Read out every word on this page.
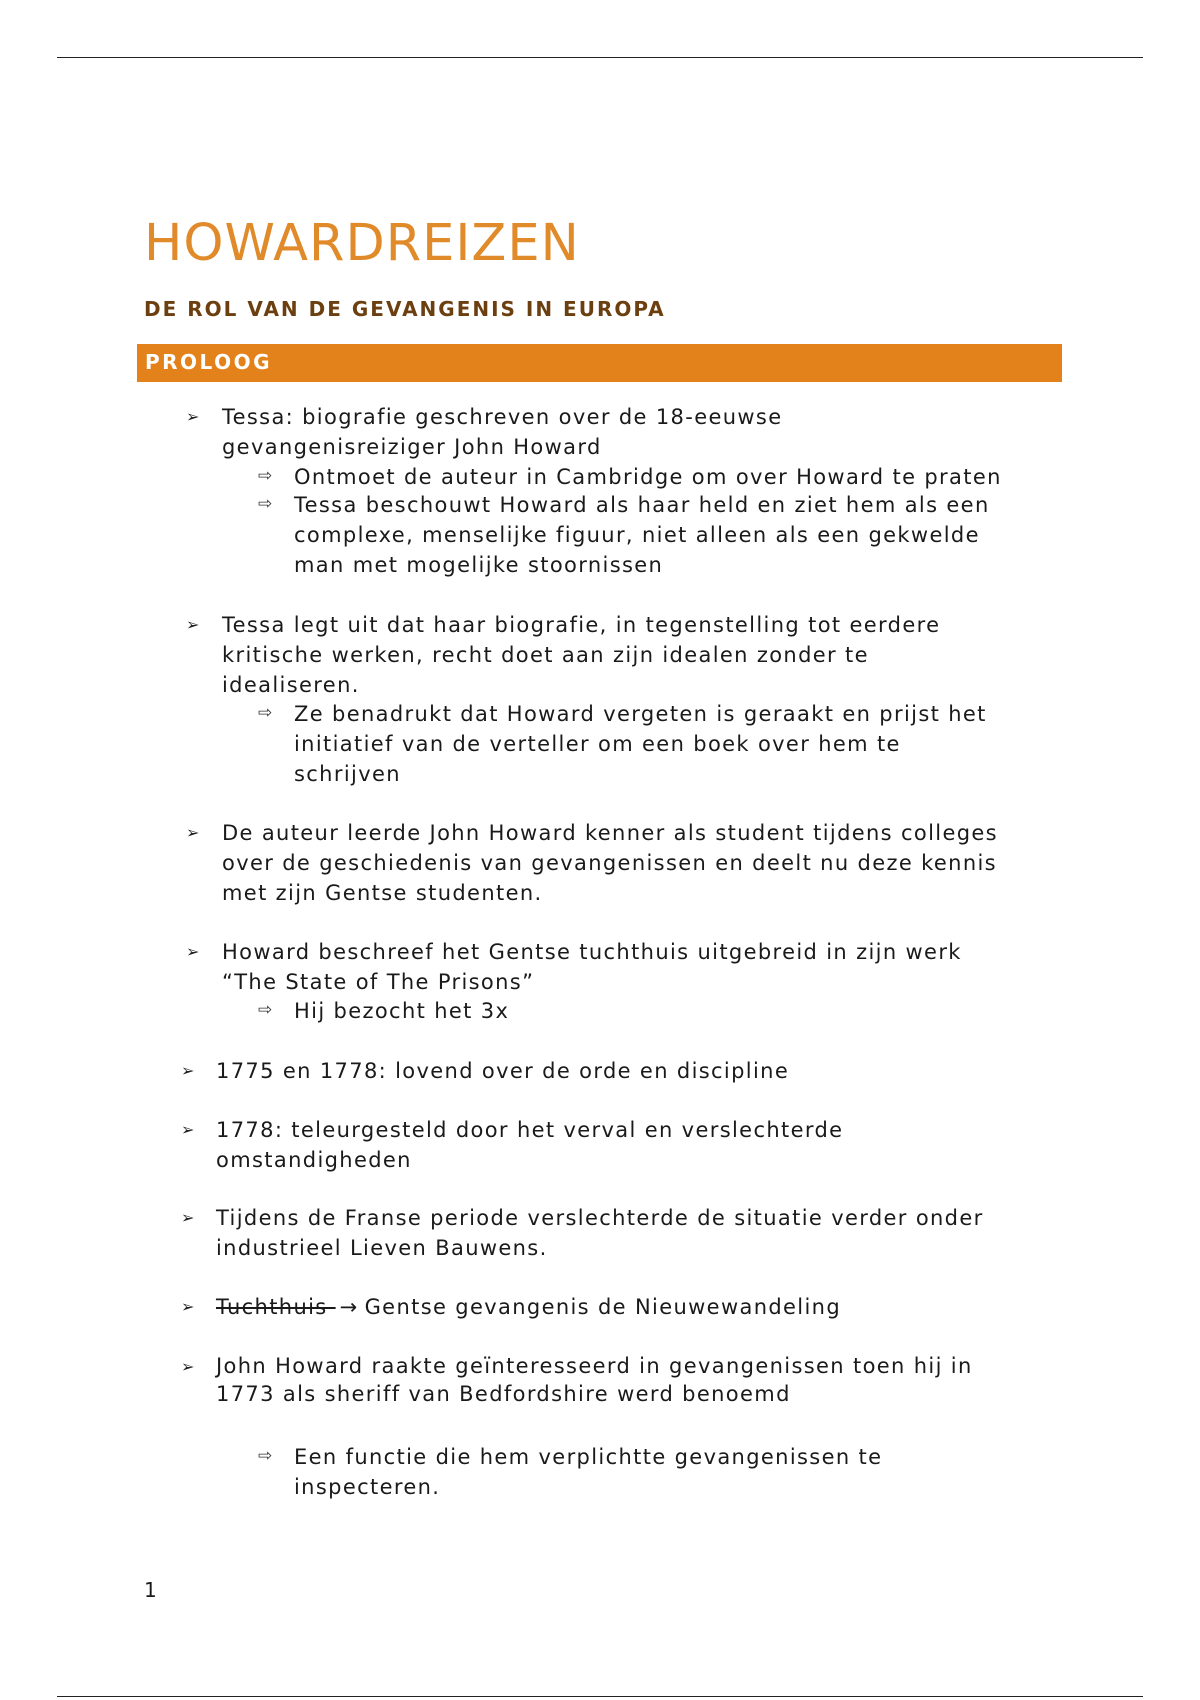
HOWARDREIZEN
DE ROL VAN DE GEVANGENIS IN EUROPA
PROLOOG
➢ Tessa: biografie geschreven over de 18-eeuwse
gevangenisreiziger John Howard
⇨ Ontmoet de auteur in Cambridge om over Howard te praten
⇨ Tessa beschouwt Howard als haar held en ziet hem als een
complexe, menselijke figuur, niet alleen als een gekwelde
man met mogelijke stoornissen
➢ Tessa legt uit dat haar biografie, in tegenstelling tot eerdere
kritische werken, recht doet aan zijn idealen zonder te
idealiseren.
⇨ Ze benadrukt dat Howard vergeten is geraakt en prijst het
initiatief van de verteller om een boek over hem te
schrijven
➢ De auteur leerde John Howard kenner als student tijdens colleges
over de geschiedenis van gevangenissen en deelt nu deze kennis
met zijn Gentse studenten.
➢ Howard beschreef het Gentse tuchthuis uitgebreid in zijn werk
“The State of The Prisons”
⇨ Hij bezocht het 3x
➢ 1775 en 1778: lovend over de orde en discipline
➢ 1778: teleurgesteld door het verval en verslechterde
omstandigheden
➢ Tijdens de Franse periode verslechterde de situatie verder onder
industrieel Lieven Bauwens.
➢ Tuchthuis → Gentse gevangenis de Nieuwewandeling
➢ John Howard raakte geïnteresseerd in gevangenissen toen hij in
1773 als sheriff van Bedfordshire werd benoemd
⇨ Een functie die hem verplichtte gevangenissen te
inspecteren.
1
